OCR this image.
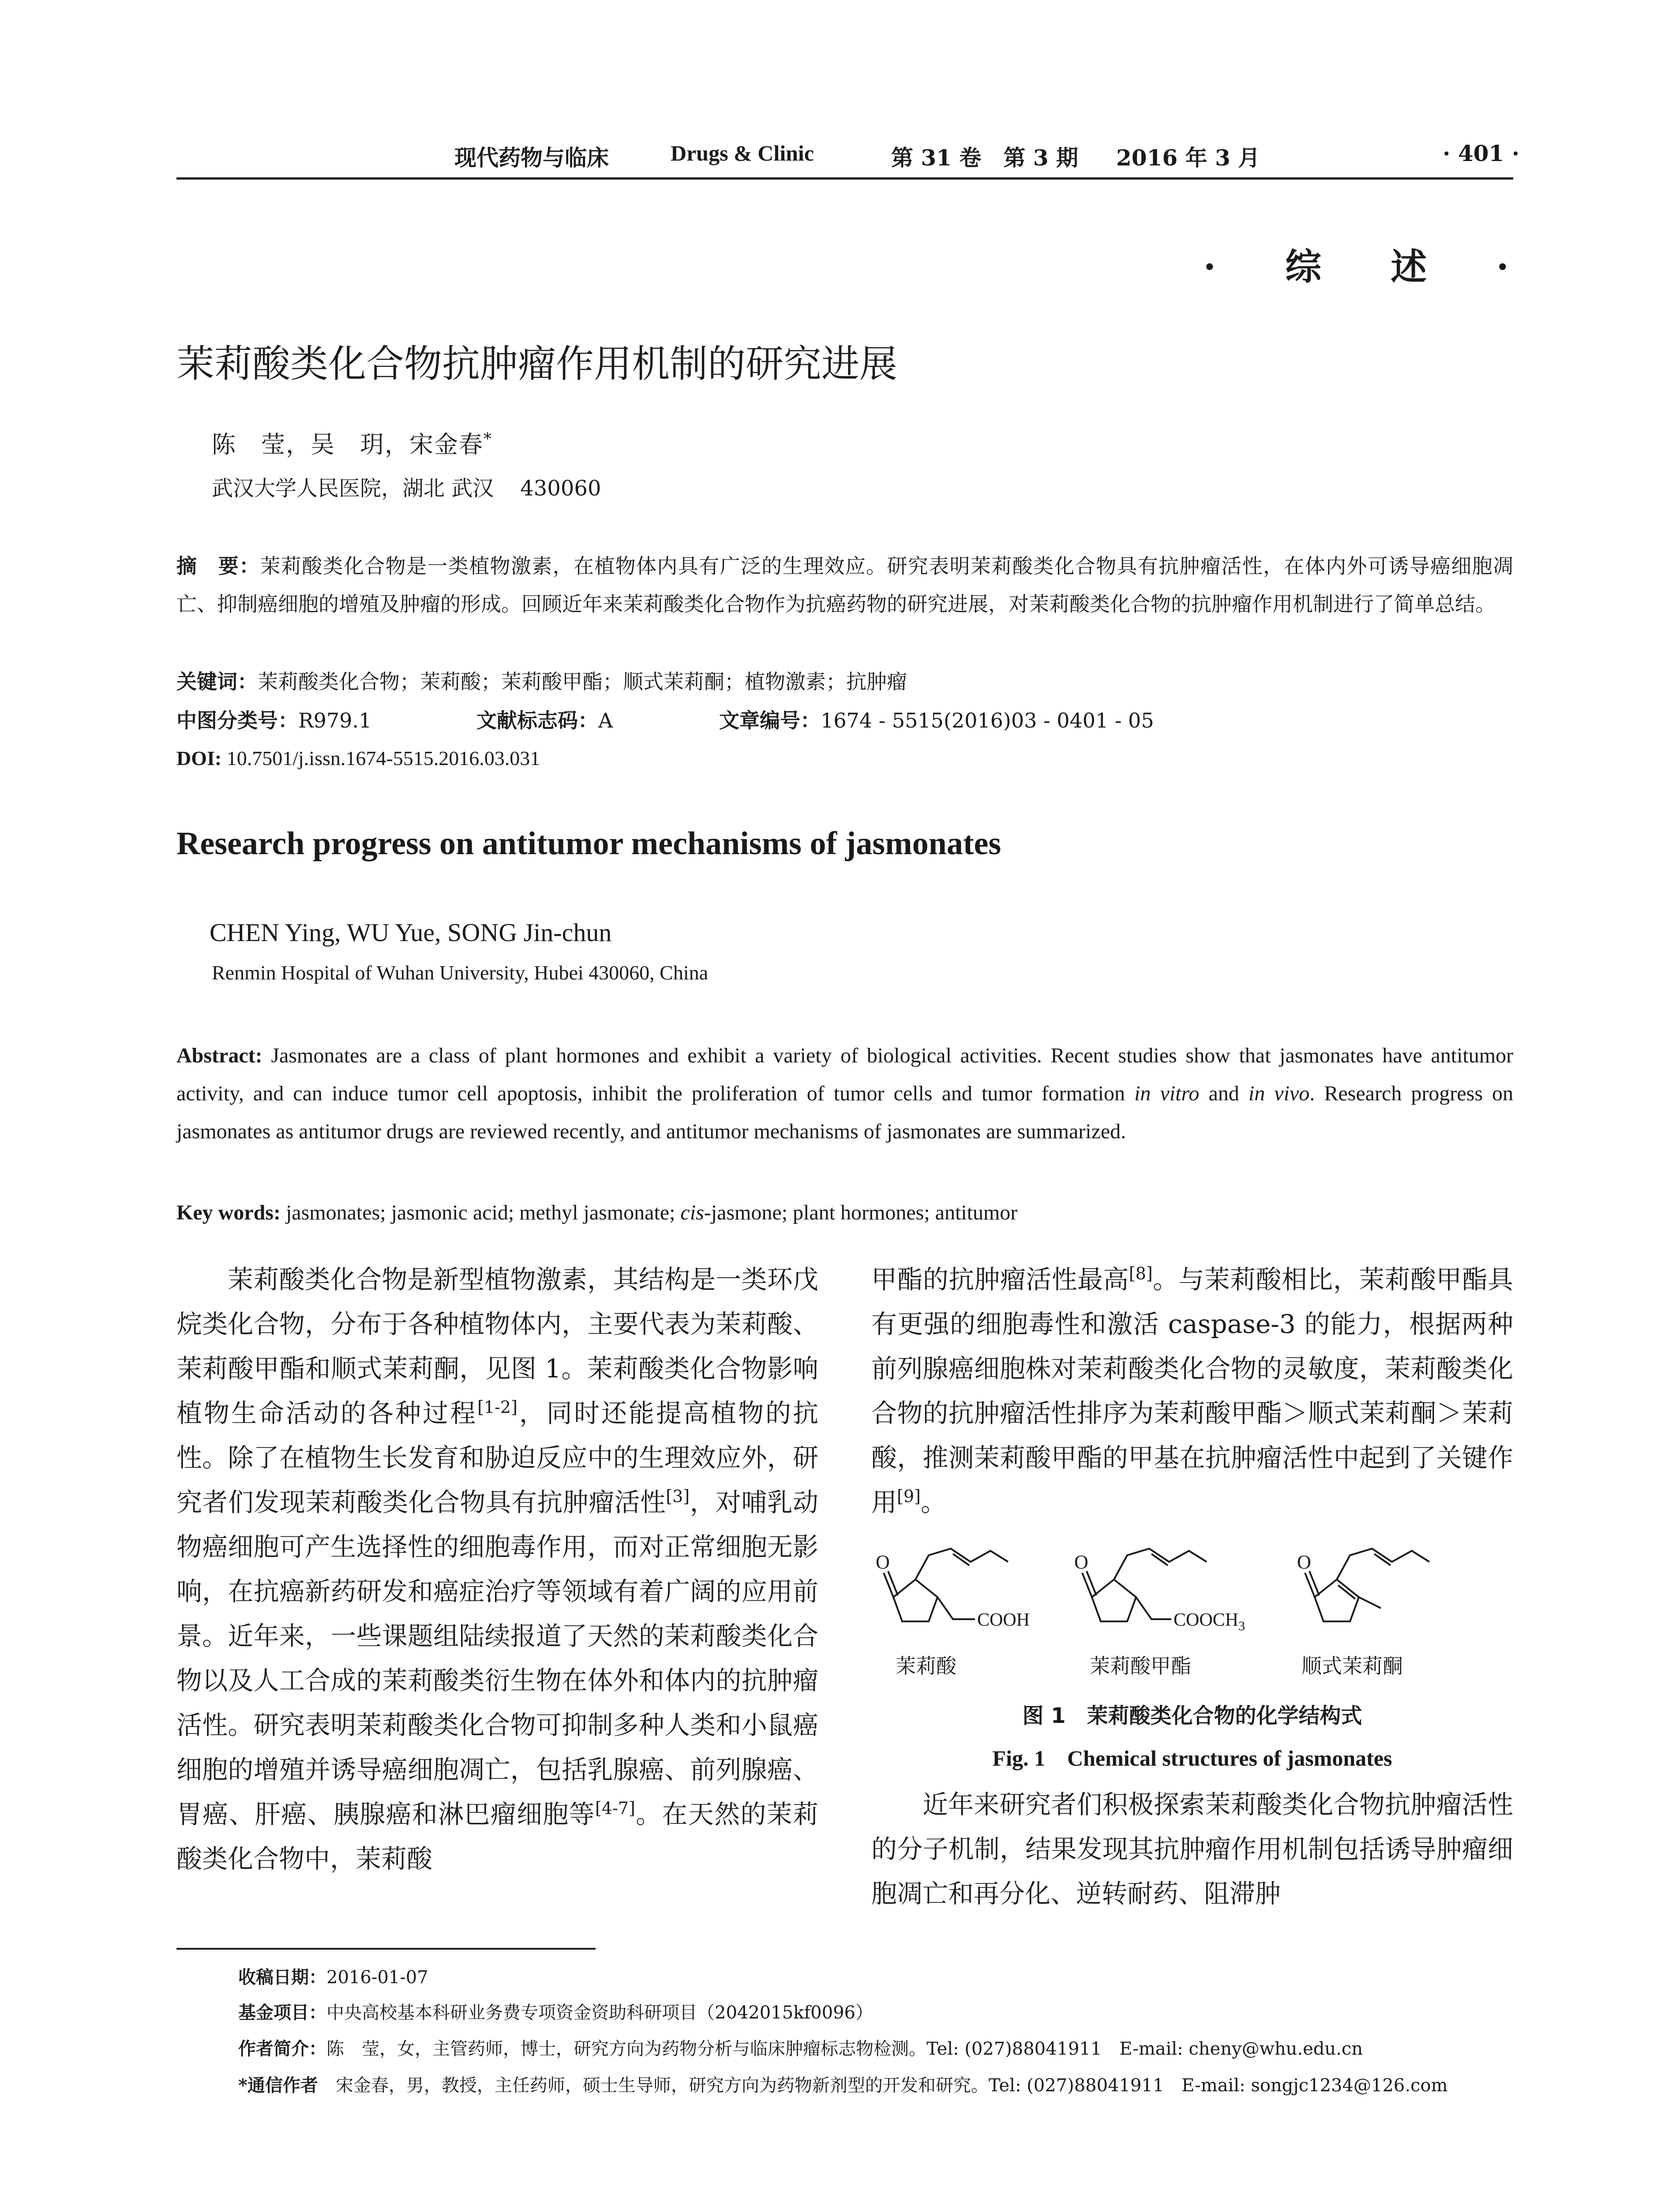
现代药物与临床	Drugs & Clinic	第 31 卷　第 3 期 2016 年 3 月	· 401 ·
· 综 述 ·
茉莉酸类化合物抗肿瘤作用机制的研究进展
陈　莹，吴　玥，宋金春*
武汉大学人民医院，湖北 武汉 430060
摘　要：茉莉酸类化合物是一类植物激素，在植物体内具有广泛的生理效应。研究表明茉莉酸类化合物具有抗肿瘤活性，在体内外可诱导癌细胞凋亡、抑制癌细胞的增殖及肿瘤的形成。回顾近年来茉莉酸类化合物作为抗癌药物的研究进展，对茉莉酸类化合物的抗肿瘤作用机制进行了简单总结。
关键词：茉莉酸类化合物；茉莉酸；茉莉酸甲酯；顺式茉莉酮；植物激素；抗肿瘤
中图分类号：R979.1	文献标志码：A	文章编号：1674 - 5515(2016)03 - 0401 - 05
DOI: 10.7501/j.issn.1674-5515.2016.03.031
Research progress on antitumor mechanisms of jasmonates
CHEN Ying, WU Yue, SONG Jin-chun
Renmin Hospital of Wuhan University, Hubei 430060, China
Abstract: Jasmonates are a class of plant hormones and exhibit a variety of biological activities. Recent studies show that jasmonates have antitumor activity, and can induce tumor cell apoptosis, inhibit the proliferation of tumor cells and tumor formation in vitro and in vivo. Research progress on jasmonates as antitumor drugs are reviewed recently, and antitumor mechanisms of jasmonates are summarized.
Key words: jasmonates; jasmonic acid; methyl jasmonate; cis-jasmone; plant hormones; antitumor
茉莉酸类化合物是新型植物激素，其结构是一类环戊烷类化合物，分布于各种植物体内，主要代表为茉莉酸、茉莉酸甲酯和顺式茉莉酮，见图 1。茉莉酸类化合物影响植物生命活动的各种过程[1-2]，同时还能提高植物的抗性。除了在植物生长发育和胁迫反应中的生理效应外，研究者们发现茉莉酸类化合物具有抗肿瘤活性[3]，对哺乳动物癌细胞可产生选择性的细胞毒作用，而对正常细胞无影响，在抗癌新药研发和癌症治疗等领域有着广阔的应用前景。近年来，一些课题组陆续报道了天然的茉莉酸类化合物以及人工合成的茉莉酸类衍生物在体外和体内的抗肿瘤活性。研究表明茉莉酸类化合物可抑制多种人类和小鼠癌细胞的增殖并诱导癌细胞凋亡，包括乳腺癌、前列腺癌、胃癌、肝癌、胰腺癌和淋巴瘤细胞等[4-7]。在天然的茉莉酸类化合物中，茉莉酸
甲酯的抗肿瘤活性最高[8]。与茉莉酸相比，茉莉酸甲酯具有更强的细胞毒性和激活 caspase-3 的能力，根据两种前列腺癌细胞株对茉莉酸类化合物的灵敏度，茉莉酸类化合物的抗肿瘤活性排序为茉莉酸甲酯＞顺式茉莉酮＞茉莉酸，推测茉莉酸甲酯的甲基在抗肿瘤活性中起到了关键作用[9]。
O
COOH
O
$COOCH_3$
O
茉莉酸	茉莉酸甲酯	顺式茉莉酮
图 1　茉莉酸类化合物的化学结构式
Fig. 1　Chemical structures of jasmonates
近年来研究者们积极探索茉莉酸类化合物抗肿瘤活性的分子机制，结果发现其抗肿瘤作用机制包括诱导肿瘤细胞凋亡和再分化、逆转耐药、阻滞肿
收稿日期：2016-01-07
基金项目：中央高校基本科研业务费专项资金资助科研项目（2042015kf0096）
作者简介：陈　莹，女，主管药师，博士，研究方向为药物分析与临床肿瘤标志物检测。Tel: (027)88041911　E-mail: cheny@whu.edu.cn
*通信作者　 宋金春，男，教授，主任药师，硕士生导师，研究方向为药物新剂型的开发和研究。Tel: (027)88041911　E-mail: songjc1234@126.com
